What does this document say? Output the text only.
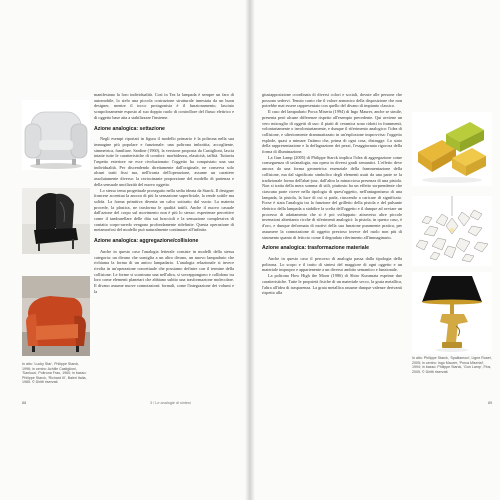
manifestano la loro individualità. Così in Tea la lampada è sempre un faro di automobile, lo stelo una piccola costruzione strutturale innestata da un buon designer, mentre il tocco protagonista è il funzionamento, lasciato scrupolosamente esposto al suo doppio ruolo di controllore del flusso elettrico e di oggetto base atta a stabilizzare l'insieme.

Azione analogica: settazione

Negli esempi riportati in figura il modello primario è la poltrona nella sua immagine più popolare e funzionale: una poltrona imbottita, accogliente, simmetrica, familiare. Sardine (1960), la versione proposta da Castiglioni, lascia intatte tutte le caratteristiche di comfort: morbidezza, elasticità, taffità. Tuttavia l'aspetto esteriore ne esce rivoluzionato: l'oggetto ha conquistato una sua individualità. Per discendendo direttamente dall'originale, ne conserva solo alcuni tratti fissi ma, nell'ironia dell'operazione, assume un carattere assolutamente diverso: la raviocinante proporzione del modello di partenza e della sensuale uncilizzità del nuovo oggetto.

Lo stesso tema progettuale proseguito nella sedia ideata da Starck. Il designer francese accentua la ancora di più la sensazione superficiale, la rende sottile ma solida. La forma primitiva diventa un calco sottratto dal vuoto. La materia procede, la plastica, ne trasforma le qualità tattili. Anche il nuovo casuale dall'azione del corpo sul movimento non è più lo stesso: esperienze percettive come il tamburellare delle dita sui braccioli e la sensazione complessiva di contatto corpo-arredo vengono profondamente ridefinite. Questa operazione di metamorfosi del modello può naturalmente continuare all'infinito.

Azione analogica: aggregazione/collisione

Anche in questo caso l'analogia letterale consiste in modelli della stessa categoria: un divano che somiglia a un altro divano, un nuovo lampadario che richiama la forma di un antico lampadario. L'analogia relazionale si invece rivolta in un'operazione concettuale che possiamo definire con il termine della collisione. Le forme si scontrano una nell'altra, si sovrappongono e collidono tra loro come elementi planetari che abbiano subìto una trasformazione molecolare. Il divano assume nuove connotazioni: formali, come l'integrazione dei volumi e la

In alto: 'Lucky Star', Philippe Starck, 1996; in centro: Achille Castiglioni, 'Sanluca', Poltrona Frau, 1960; in basso: Philippe Starck, 'Richard III', Baleri Italia, 1985. © Diritti riservati.
88	3 / Le analogie di sintesi

giustapposizione coordinata di diversi colori e sociali, dovute alle persone che possono sedervi. Tenuto conto che il valore armonico della disposizione che non potrebbe mai essere rappresentato con quello del divano di impianto classico.

Il caso del lampadario Porca Miseria (1994) di Ingo Maurer, anche se simile, presenta però alcune differenze rispetto all'esempio precedente. Qui avviene un vero miscuglio di oggetti di uso: il piatti di ceramica sono ridotti in frammenti, volontariamente o involontariamente, e dunque il riferimento analogico: l'idea di collisione, e ulteriormente drammatizzato in un'esplosione improvvisa: l'oggetto esplode, quasi a mimare l'attimo che, prima di ogni cosa, distrugge. Lo stato della rappresentazione e la deflagrazione dei pezzi, l'esaggiornata rigorosa della forma di illuminazione.

La Gun Lamp (2005) di Philippe Starck implica l'idea di aggregazione come conseguenza di un'analogia, ma opera in diversi gradi semantici. L'effetto deve ancora da una forma geometrica essenziale della frammentazione della collisione, ma dal significato simbolico degli elementi usati da una parte se la tradizionale forma dell'abat-jour, dall'altra la minacciosa presenza di una pistola. Non si tratta della mera somma di stili, piuttosto ha un effetto sorprendente che ciascuna parte riceve nella tipologia di quest'oggetto, nell'antagonismo di una lampada, la pistola, la luce di cui si parla, riuscendo a caricare di significato. Forse è stata l'analogia tra la funzione del grilletto della pistola e del pulsante elettrico della lampada a stabilire la scelta dell'oggetto e il dunque ad avviare un processo di adattamento che si è poi sviluppato: attraverso altre piccole invenzioni altrettanto ricche di riferimenti analogici: la pistola, in questo caso, è d'oro, e dunque deformata di motivi della sua funzione puramente pratica, per assumere la connotazione di oggetto prezioso invece del ruolo non più di strumento quanto di feticcio come il degradato riferimento all'immaginario.

Azione analogica: trasformazione materiale

Anche in questo caso il percorso di analogia passa dalla tipologia della poltrona. Lo scopo e il tratto di sintesi del maggiore di ogni oggetto e un materiale impropro e appartenente a un diverso ambito semantico e funzionale.

La poltrona How High the Moon (1986) di Shiro Kuramata esprime due caratteristiche. Tutte le proprietà fisiche di un materiale secco, la grata metallica, l'altra all'idea di trasparenza. La grata metallica assume dunque valenze derivanti rispetto alla

In alto: Philippe Starck, 'Spalliamoci', Ligne Roset, 2005; in centro: Ingo Maurer, 'Porca Miseria!', 1994; in basso: Philippe Starck, 'Gun Lamp', Flos, 2005. © Diritti riservati.
89
